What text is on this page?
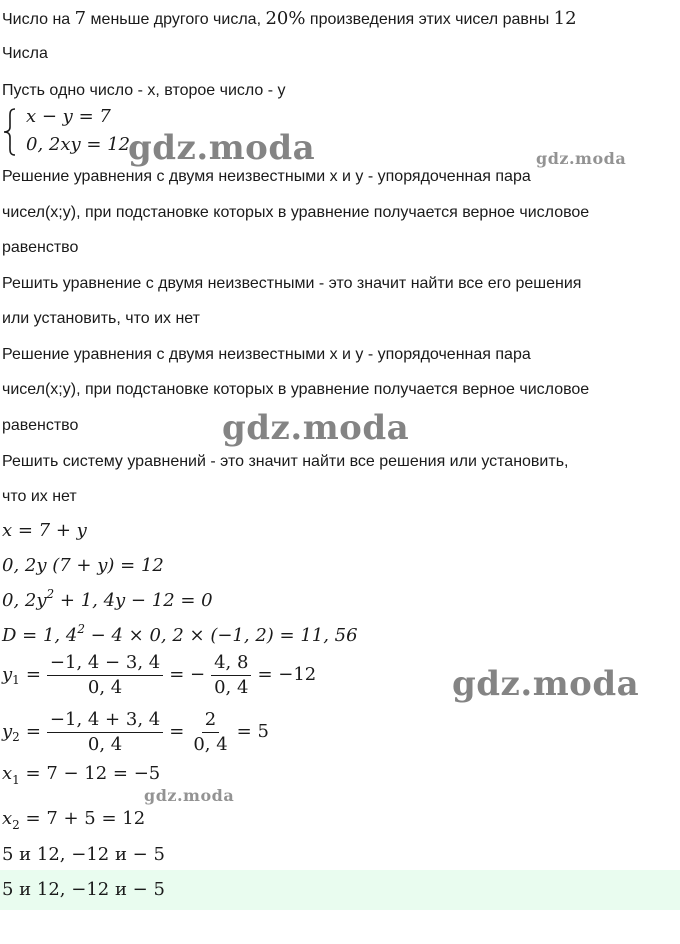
Число на 7 меньше другого числа, 20% произведения этих чисел равны 12

Числа

Пусть одно число - х, второе число - у

x − y = 7
0, 2xy = 12

Решение уравнения с двумя неизвестными х и у - упорядоченная пара

чисел(х;у), при подстановке которых в уравнение получается верное числовое

равенство

Решить уравнение с двумя неизвестными - это значит найти все его решения

или установить, что их нет

Решение уравнения с двумя неизвестными х и у - упорядоченная пара

чисел(х;у), при подстановке которых в уравнение получается верное числовое

равенство

Решить систему уравнений - это значит найти все решения или установить,

что их нет

x = 7 + y
0, 2y (7 + y) = 12
0, $2y^2 + 1$, 4y − 12 = 0
D = 1, $4^2 - 4 \times 0$, 2 × (−1, 2) = 11, 56
y $1 = \frac{-1, 4 - 3, 4}{0, 4}$ = − $\frac{4, 8}{0, 4} = -12$
y $2 = \frac{-1, 4 + 3, 4}{0, 4} = \frac{2}{0, 4} = 5$
$x_1 = 7 - 12 = -5$
$x_2 = 7 + 5 = 12$
5 и 12, −12 и − 5
5 и 12, −12 и − 5
gdz.moda	gdz.moda
gdz.moda
gdz.moda
gdz.moda
